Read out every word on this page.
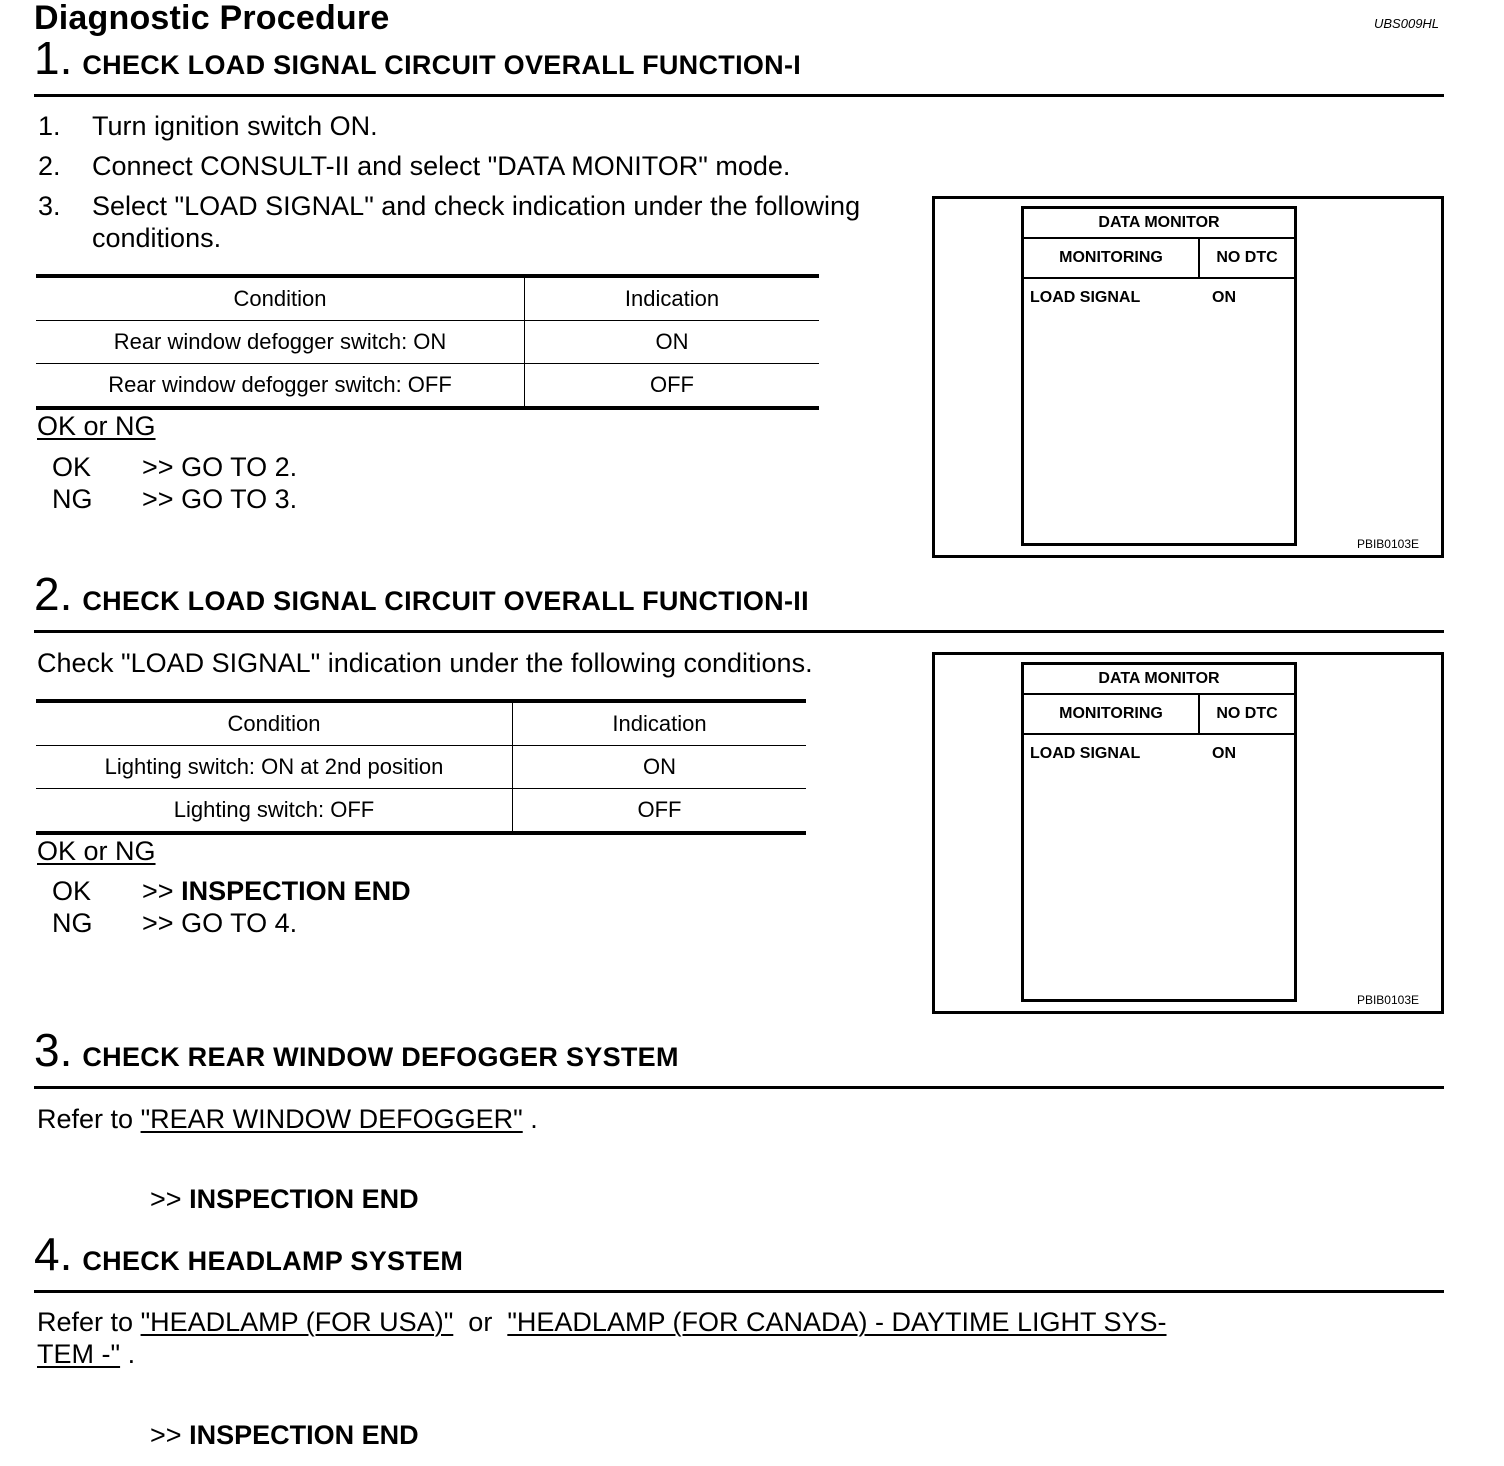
Diagnostic Procedure	UBS009HL
1. CHECK LOAD SIGNAL CIRCUIT OVERALL FUNCTION-I
1. Turn ignition switch ON.
2. Connect CONSULT-II and select "DATA MONITOR" mode.
3. Select "LOAD SIGNAL" and check indication under the following conditions.
Condition	Indication
Rear window defogger switch: ON	ON
Rear window defogger switch: OFF	OFF
OK or NG
OK >> GO TO 2.
NG >> GO TO 3.
DATA MONITOR
MONITORING	NO DTC
LOAD SIGNAL	ON
PBIB0103E
2. CHECK LOAD SIGNAL CIRCUIT OVERALL FUNCTION-II
Check "LOAD SIGNAL" indication under the following conditions.
Condition	Indication
Lighting switch: ON at 2nd position	ON
Lighting switch: OFF	OFF
OK or NG
OK >> INSPECTION END
NG >> GO TO 4.
DATA MONITOR
MONITORING	NO DTC
LOAD SIGNAL	ON
PBIB0103E
3. CHECK REAR WINDOW DEFOGGER SYSTEM
Refer to "REAR WINDOW DEFOGGER" .
>> INSPECTION END
4. CHECK HEADLAMP SYSTEM
Refer to "HEADLAMP (FOR USA)" or "HEADLAMP (FOR CANADA) - DAYTIME LIGHT SYS-
TEM -" .
>> INSPECTION END
